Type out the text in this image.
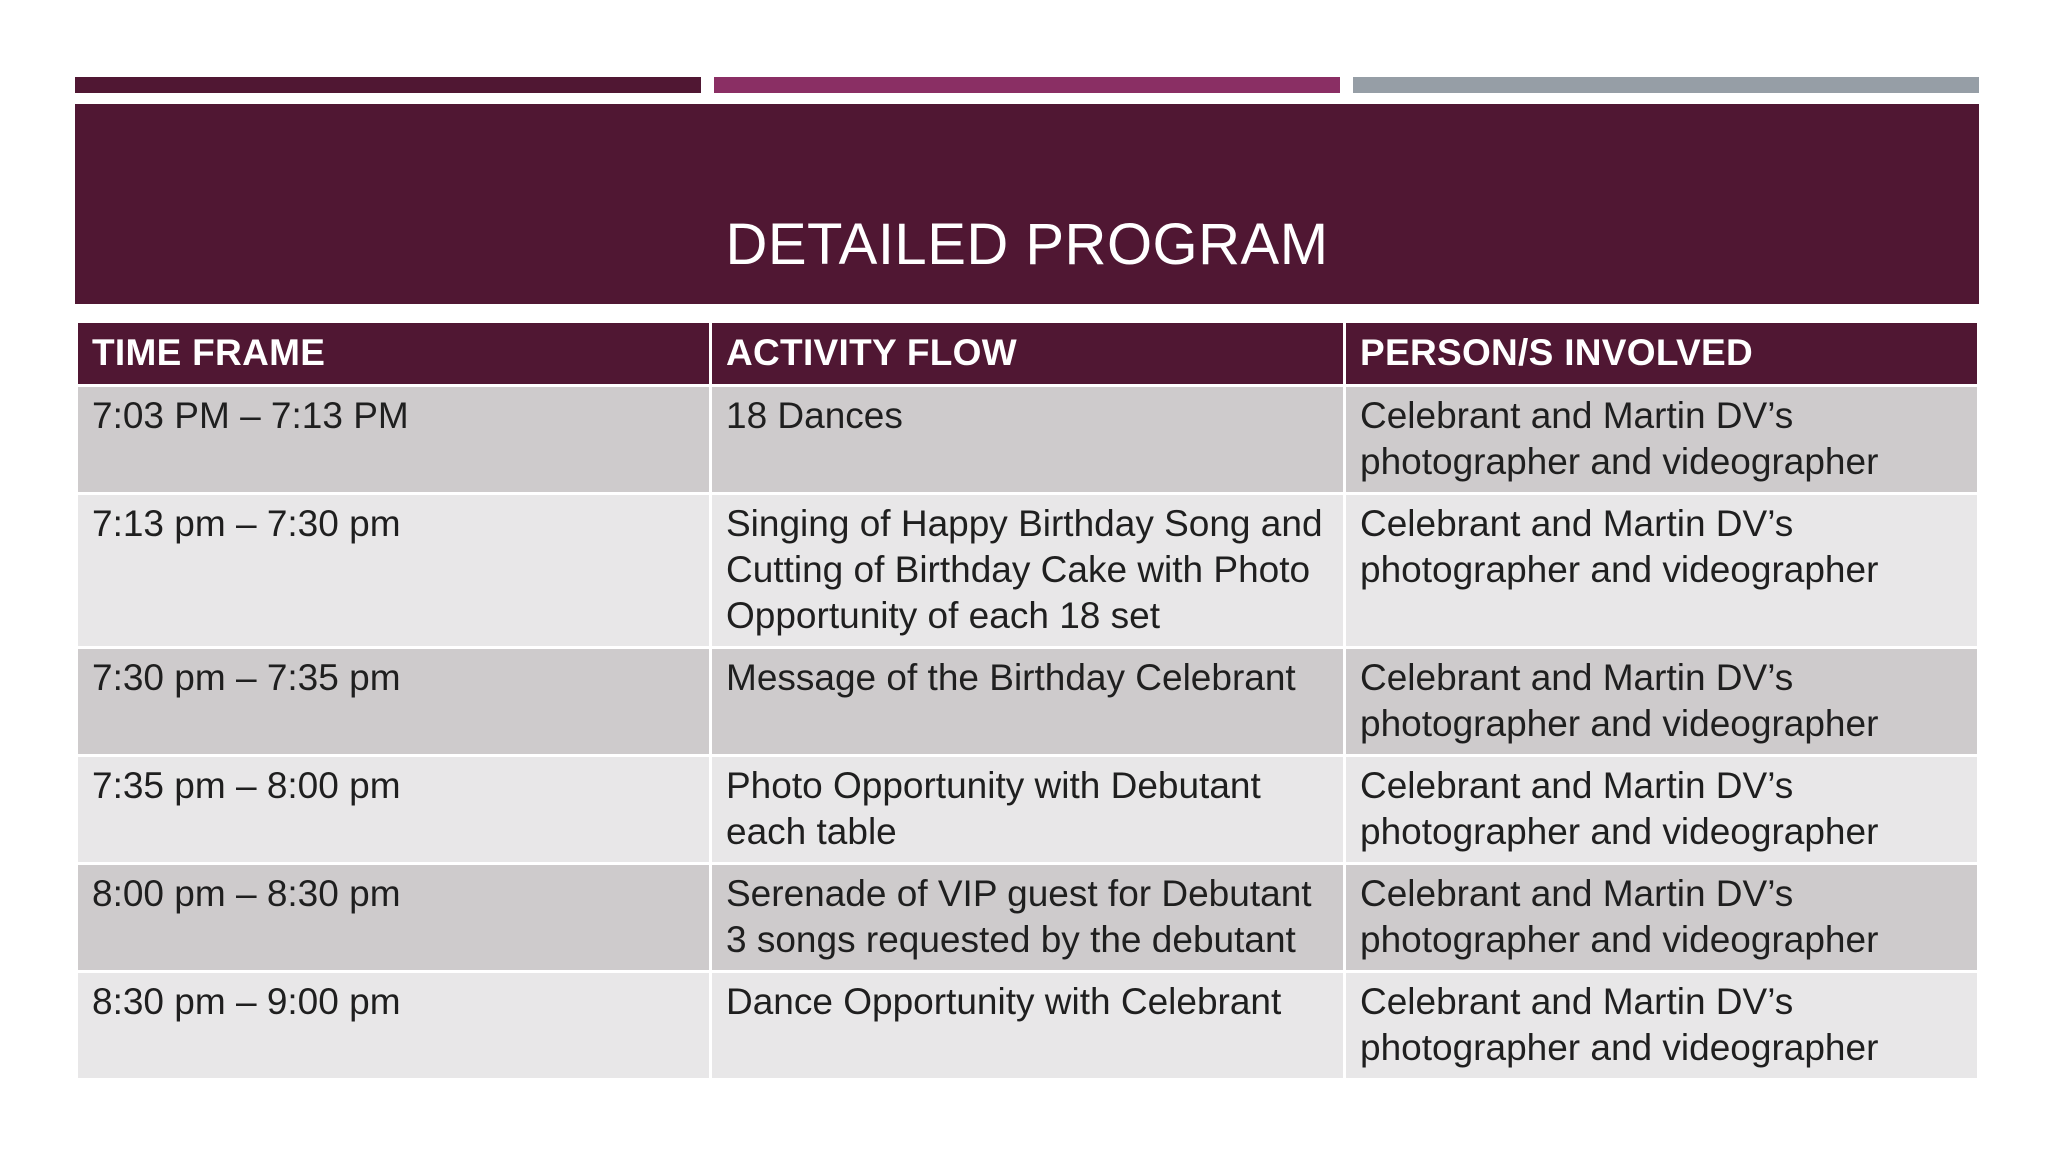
DETAILED PROGRAM
TIME FRAME	ACTIVITY FLOW	PERSON/S INVOLVED
7:03 PM – 7:13 PM	18 Dances	Celebrant and Martin DV’s photographer and videographer
7:13 pm – 7:30 pm	Singing of Happy Birthday Song and Cutting of Birthday Cake with Photo Opportunity of each 18 set	Celebrant and Martin DV’s photographer and videographer
7:30 pm – 7:35 pm	Message of the Birthday Celebrant	Celebrant and Martin DV’s photographer and videographer
7:35 pm – 8:00 pm	Photo Opportunity with Debutant each table	Celebrant and Martin DV’s photographer and videographer
8:00 pm – 8:30 pm	Serenade of VIP guest for Debutant 3 songs requested by the debutant	Celebrant and Martin DV’s photographer and videographer
8:30 pm – 9:00 pm	Dance Opportunity with Celebrant	Celebrant and Martin DV’s photographer and videographer
